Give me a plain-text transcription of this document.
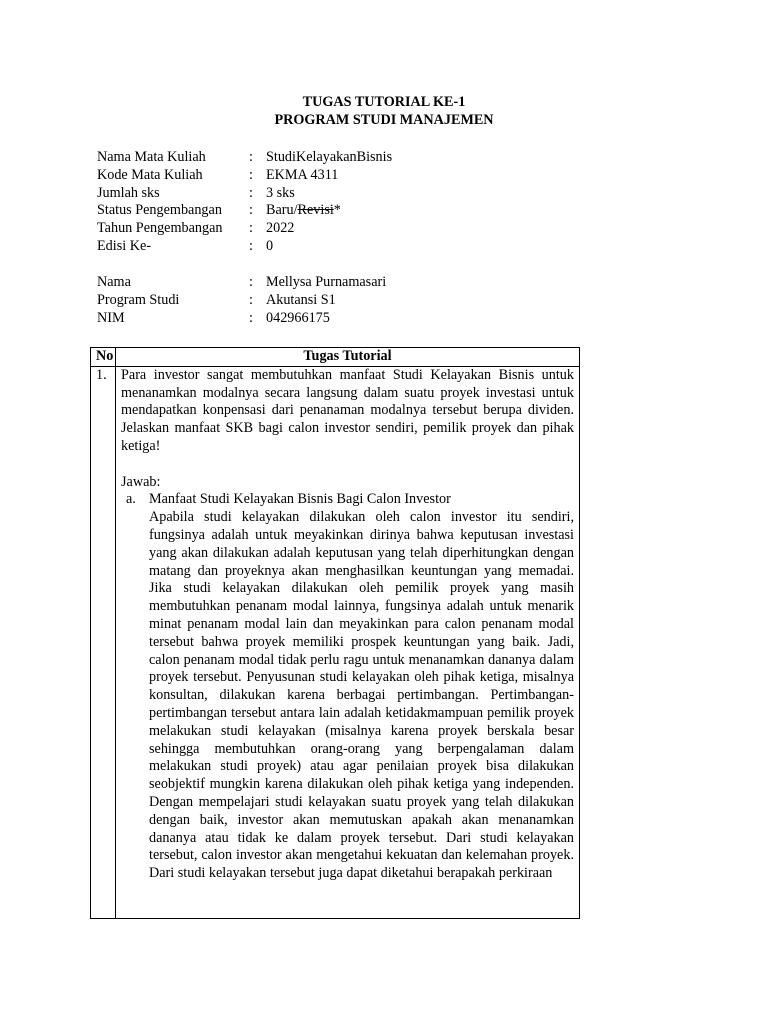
TUGAS TUTORIAL KE-1
PROGRAM STUDI MANAJEMEN
Nama Mata Kuliah	: StudiKelayakanBisnis
Kode Mata Kuliah	: EKMA 4311
Jumlah sks	: 3 sks
Status Pengembangan	: Baru/Revisi*
Tahun Pengembangan	: 2022
Edisi Ke-	: 0
Nama	: Mellysa Purnamasari
Program Studi	: Akutansi S1
NIM	: 042966175
No	Tugas Tutorial
1.	Para investor sangat membutuhkan manfaat Studi Kelayakan Bisnis untuk menanamkan modalnya secara langsung dalam suatu proyek investasi untuk mendapatkan konpensasi dari penanaman modalnya tersebut berupa dividen. Jelaskan manfaat SKB bagi calon investor sendiri, pemilik proyek dan pihak ketiga!

Jawab:
a. Manfaat Studi Kelayakan Bisnis Bagi Calon Investor

Apabila studi kelayakan dilakukan oleh calon investor itu sendiri, fungsinya adalah untuk meyakinkan dirinya bahwa keputusan investasi yang akan dilakukan adalah keputusan yang telah diperhitungkan dengan matang dan proyeknya akan menghasilkan keuntungan yang memadai. Jika studi kelayakan dilakukan oleh pemilik proyek yang masih membutuhkan penanam modal lainnya, fungsinya adalah untuk menarik minat penanam modal lain dan meyakinkan para calon penanam modal tersebut bahwa proyek memiliki prospek keuntungan yang baik. Jadi, calon penanam modal tidak perlu ragu untuk menanamkan dananya dalam proyek tersebut. Penyusunan studi kelayakan oleh pihak ketiga, misalnya konsultan, dilakukan karena berbagai pertimbangan. Pertimbangan-pertimbangan tersebut antara lain adalah ketidakmampuan pemilik proyek melakukan studi kelayakan (misalnya karena proyek berskala besar sehingga membutuhkan orang-orang yang berpengalaman dalam melakukan studi proyek) atau agar penilaian proyek bisa dilakukan seobjektif mungkin karena dilakukan oleh pihak ketiga yang independen. Dengan mempelajari studi kelayakan suatu proyek yang telah dilakukan dengan baik, investor akan memutuskan apakah akan menanamkan dananya atau tidak ke dalam proyek tersebut. Dari studi kelayakan tersebut, calon investor akan mengetahui kekuatan dan kelemahan proyek. Dari studi kelayakan tersebut juga dapat diketahui berapakah perkiraan
